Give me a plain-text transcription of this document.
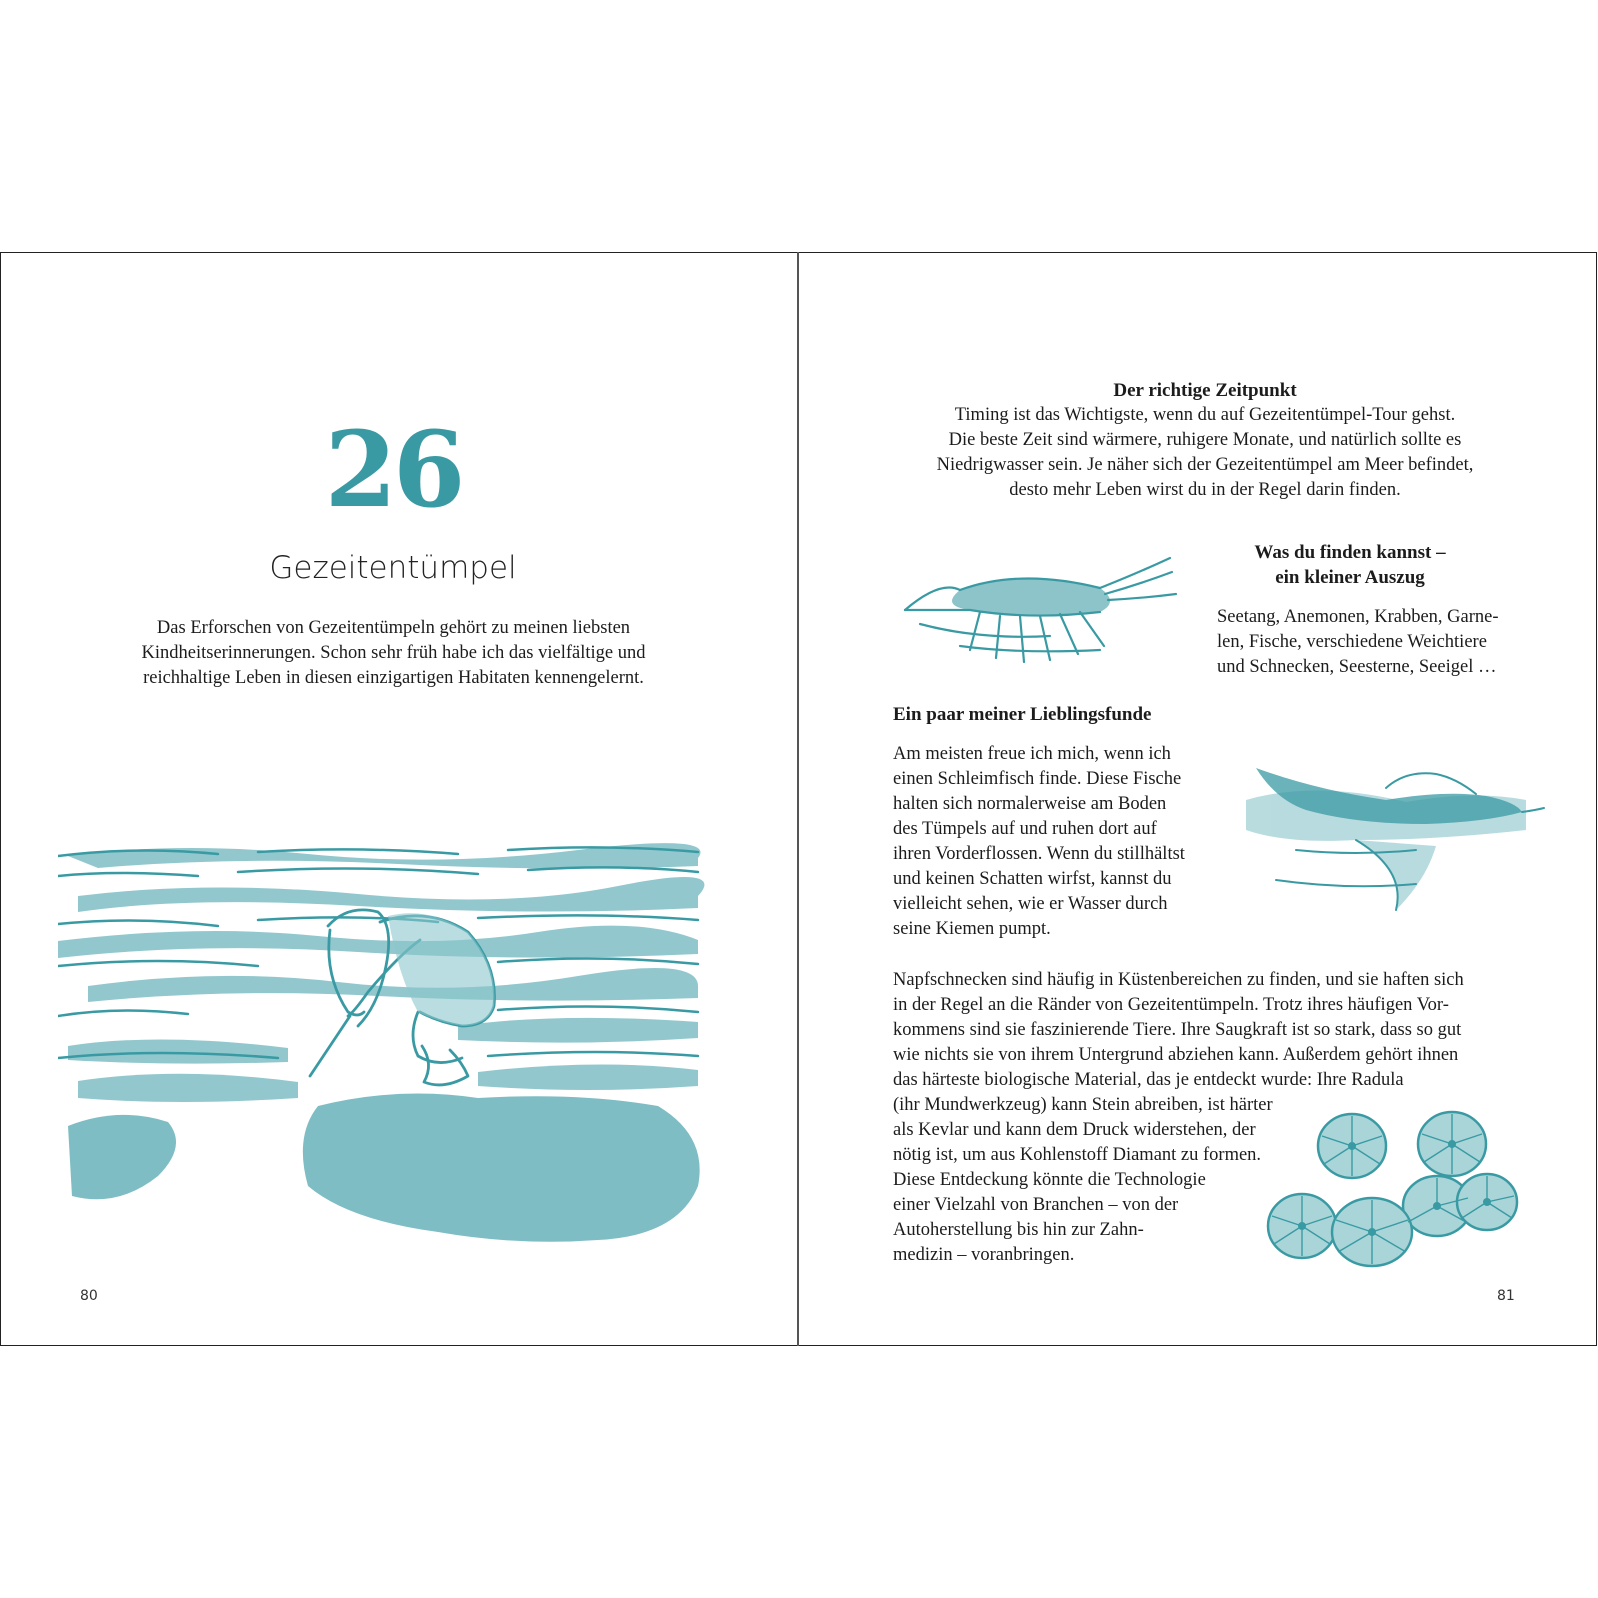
26
Gezeitentümpel
Das Erforschen von Gezeitentümpeln gehört zu meinen liebsten
Kindheitserinnerungen. Schon sehr früh habe ich das vielfältige und
reichhaltige Leben in diesen einzigartigen Habitaten kennengelernt.
80
Der richtige Zeitpunkt
Timing ist das Wichtigste, wenn du auf Gezeitentümpel-Tour gehst.
Die beste Zeit sind wärmere, ruhigere Monate, und natürlich sollte es
Niedrigwasser sein. Je näher sich der Gezeitentümpel am Meer befindet,
desto mehr Leben wirst du in der Regel darin finden.
Was du finden kannst –
ein kleiner Auszug
Seetang, Anemonen, Krabben, Garne-
len, Fische, verschiedene Weichtiere
und Schnecken, Seesterne, Seeigel …
Ein paar meiner Lieblingsfunde
Am meisten freue ich mich, wenn ich
einen Schleimfisch finde. Diese Fische
halten sich normalerweise am Boden
des Tümpels auf und ruhen dort auf
ihren Vorderflossen. Wenn du stillhältst
und keinen Schatten wirfst, kannst du
vielleicht sehen, wie er Wasser durch
seine Kiemen pumpt.
Napfschnecken sind häufig in Küstenbereichen zu finden, und sie haften sich
in der Regel an die Ränder von Gezeitentümpeln. Trotz ihres häufigen Vor-
kommens sind sie faszinierende Tiere. Ihre Saugkraft ist so stark, dass so gut
wie nichts sie von ihrem Untergrund abziehen kann. Außerdem gehört ihnen
das härteste biologische Material, das je entdeckt wurde: Ihre Radula
(ihr Mundwerkzeug) kann Stein abreiben, ist härter
als Kevlar und kann dem Druck widerstehen, der
nötig ist, um aus Kohlenstoff Diamant zu formen.
Diese Entdeckung könnte die Technologie
einer Vielzahl von Branchen – von der
Autoherstellung bis hin zur Zahn-
medizin – voranbringen.
81
